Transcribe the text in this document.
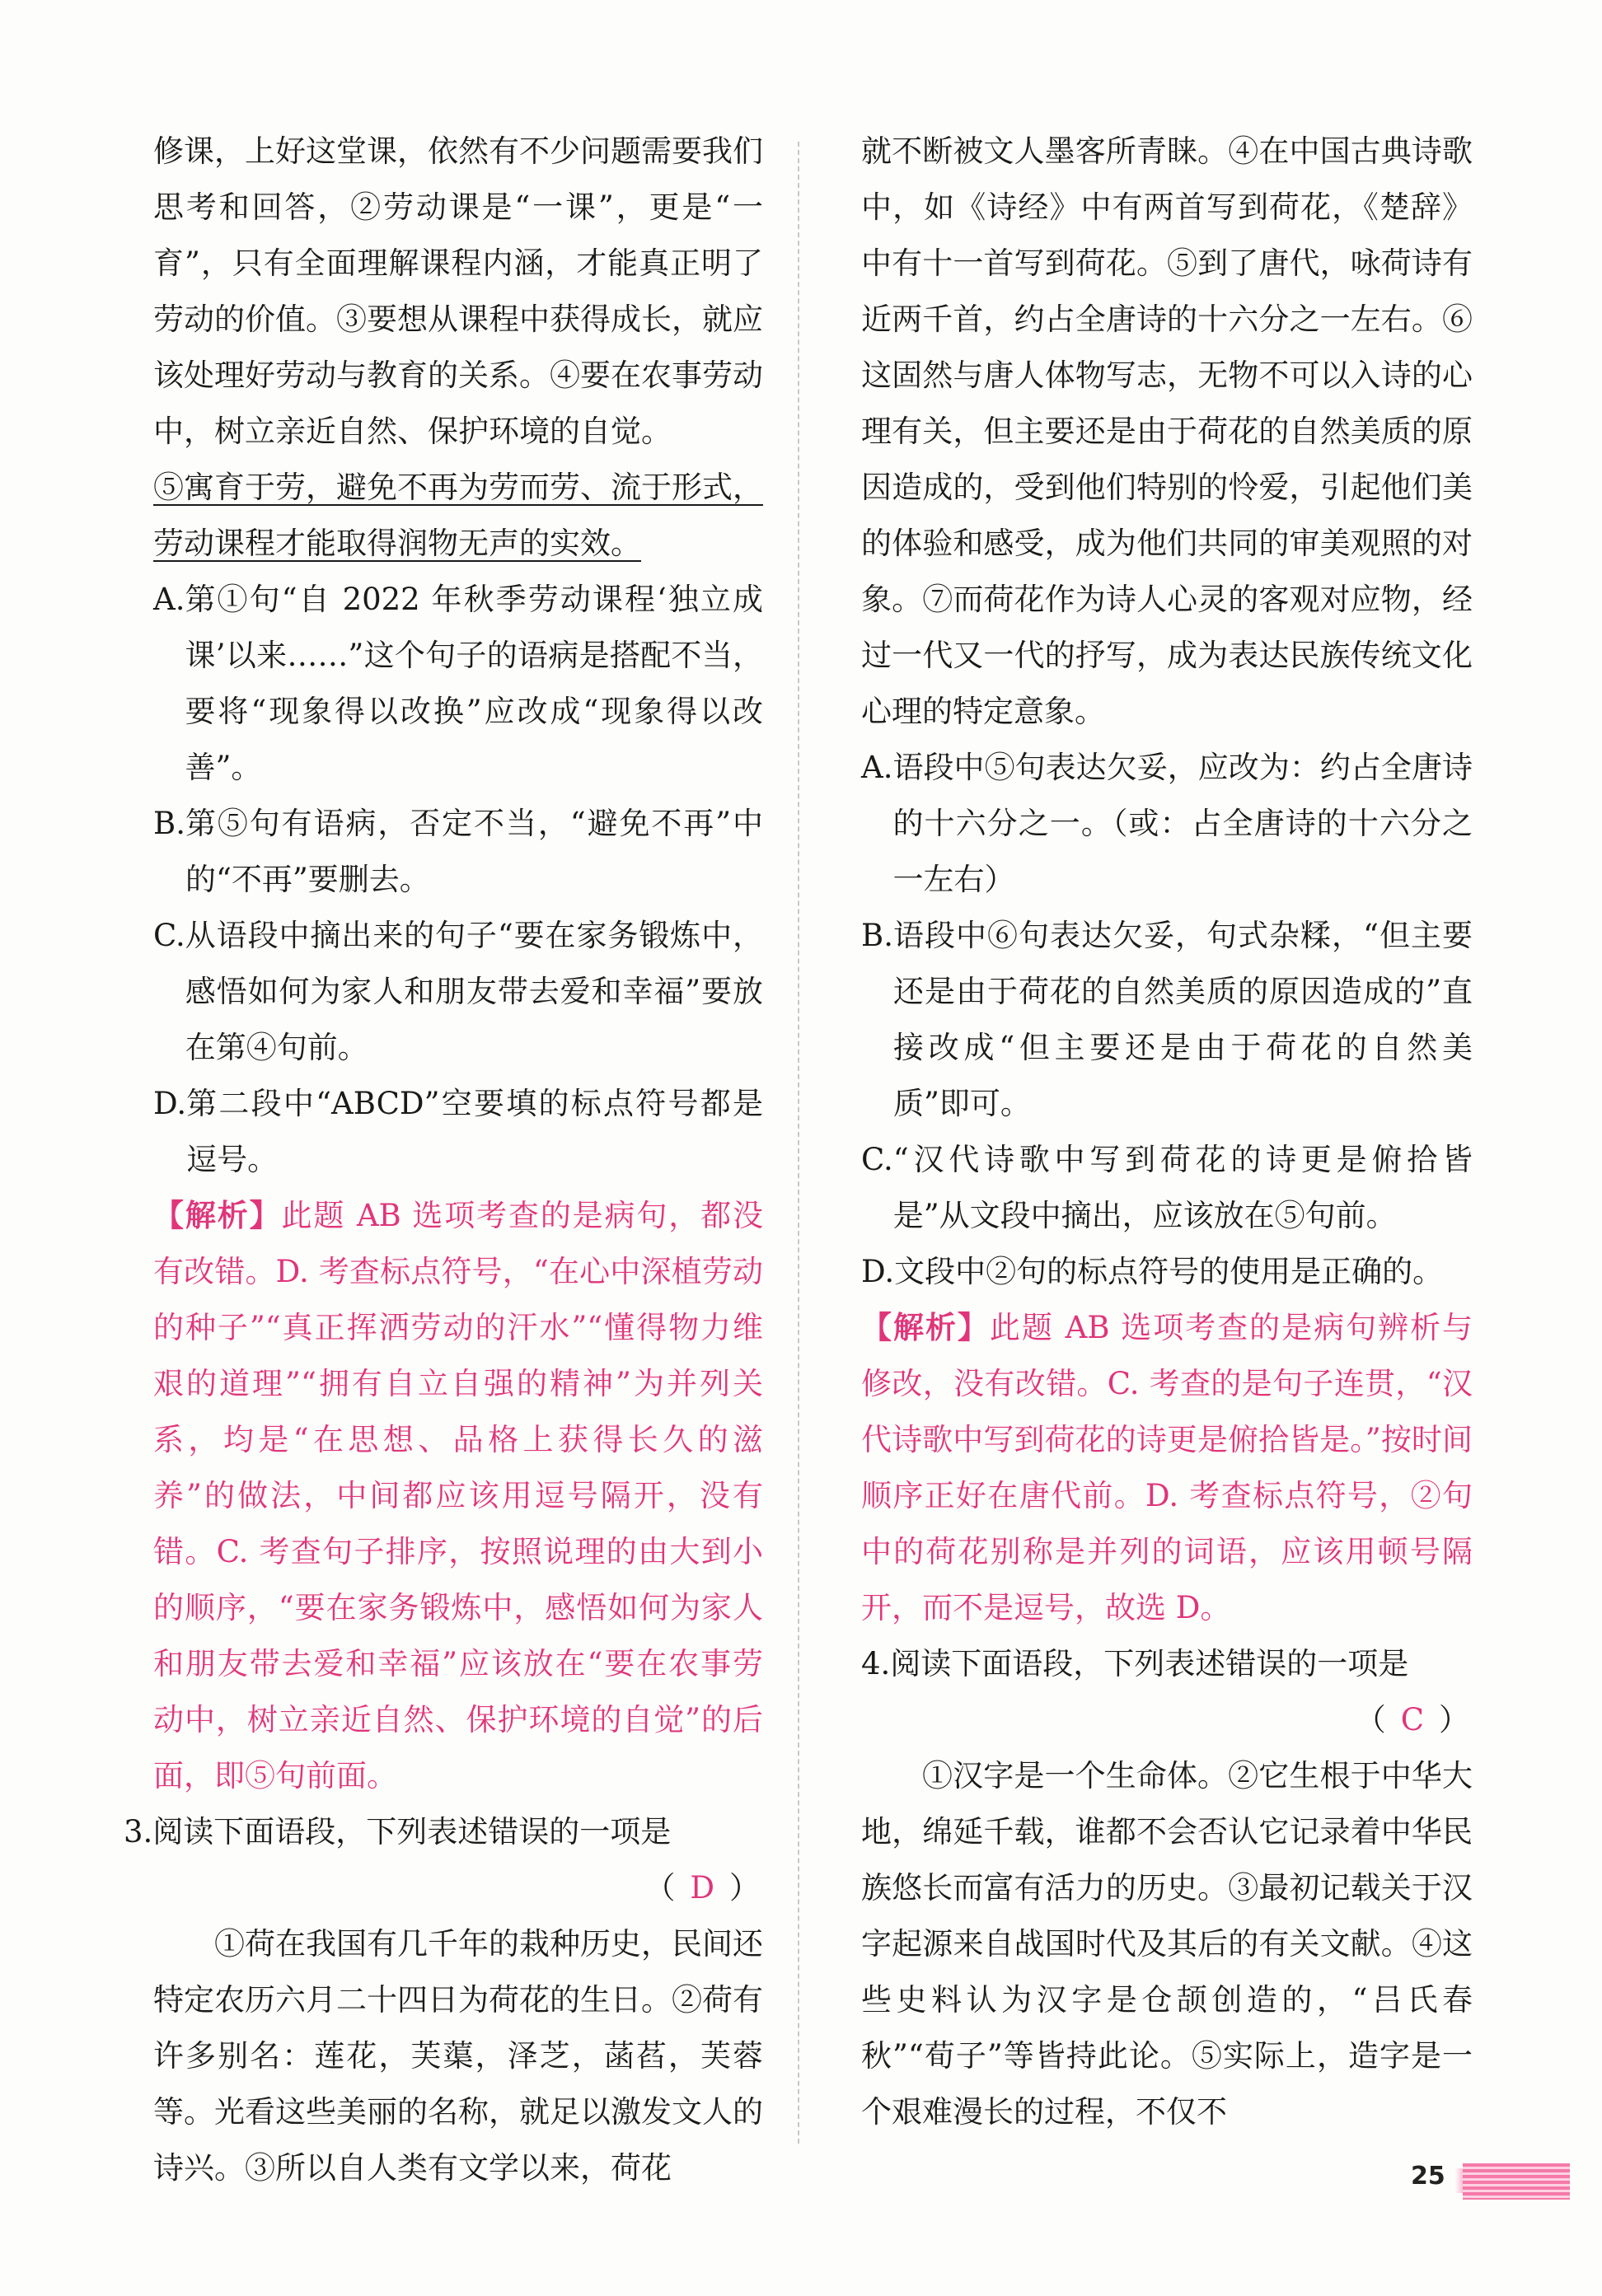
修课，上好这堂课，依然有不少问题需要我们思考和回答，②劳动课是“一课”，更是“一育”，只有全面理解课程内涵，才能真正明了劳动的价值。③要想从课程中获得成长，就应该处理好劳动与教育的关系。④要在农事劳动中，树立亲近自然、保护环境的自觉。

⑤寓育于劳，避免不再为劳而劳、流于形式，劳动课程才能取得润物无声的实效。

A. 第①句“自 2022 年秋季劳动课程‘独立成课’以来……”这个句子的语病是搭配不当，要将“现象得以改换”应改成“现象得以改善”。
B. 第⑤句有语病，否定不当，“避免不再”中的“不再”要删去。
C. 从语段中摘出来的句子“要在家务锻炼中，感悟如何为家人和朋友带去爱和幸福”要放在第④句前。
D. 第二段中“ABCD”空要填的标点符号都是逗号。

【解析】此题 AB 选项考查的是病句，都没有改错。D. 考查标点符号，“在心中深植劳动的种子”“真正挥洒劳动的汗水”“懂得物力维艰的道理”“拥有自立自强的精神”为并列关系，均是“在思想、品格上获得长久的滋养”的做法，中间都应该用逗号隔开，没有错。C. 考查句子排序，按照说理的由大到小的顺序，“要在家务锻炼中，感悟如何为家人和朋友带去爱和幸福”应该放在“要在农事劳动中，树立亲近自然、保护环境的自觉”的后面，即⑤句前面。

3. 阅读下面语段，下列表述错误的一项是

（ D ）

①荷在我国有几千年的栽种历史，民间还特定农历六月二十四日为荷花的生日。②荷有许多别名：莲花，芙蕖，泽芝，菡萏，芙蓉等。光看这些美丽的名称，就足以激发文人的诗兴。③所以自人类有文学以来，荷花

就不断被文人墨客所青睐。④在中国古典诗歌中，如《诗经》中有两首写到荷花，《楚辞》中有十一首写到荷花。⑤到了唐代，咏荷诗有近两千首，约占全唐诗的十六分之一左右。⑥这固然与唐人体物写志，无物不可以入诗的心理有关，但主要还是由于荷花的自然美质的原因造成的，受到他们特别的怜爱，引起他们美的体验和感受，成为他们共同的审美观照的对象。⑦而荷花作为诗人心灵的客观对应物，经过一代又一代的抒写，成为表达民族传统文化心理的特定意象。

A. 语段中⑤句表达欠妥，应改为：约占全唐诗的十六分之一。（或：占全唐诗的十六分之一左右）
B. 语段中⑥句表达欠妥，句式杂糅，“但主要还是由于荷花的自然美质的原因造成的”直接改成“但主要还是由于荷花的自然美质”即可。
C. “汉代诗歌中写到荷花的诗更是俯拾皆是”从文段中摘出，应该放在⑤句前。
D. 文段中②句的标点符号的使用是正确的。

【解析】此题 AB 选项考查的是病句辨析与修改，没有改错。C. 考查的是句子连贯，“汉代诗歌中写到荷花的诗更是俯拾皆是。”按时间顺序正好在唐代前。D. 考查标点符号，②句中的荷花别称是并列的词语，应该用顿号隔开，而不是逗号，故选 D。

4. 阅读下面语段，下列表述错误的一项是

（ C ）

①汉字是一个生命体。②它生根于中华大地，绵延千载，谁都不会否认它记录着中华民族悠长而富有活力的历史。③最初记载关于汉字起源来自战国时代及其后的有关文献。④这些史料认为汉字是仓颉创造的，“吕氏春秋”“荀子”等皆持此论。⑤实际上，造字是一个艰难漫长的过程，不仅不

25
